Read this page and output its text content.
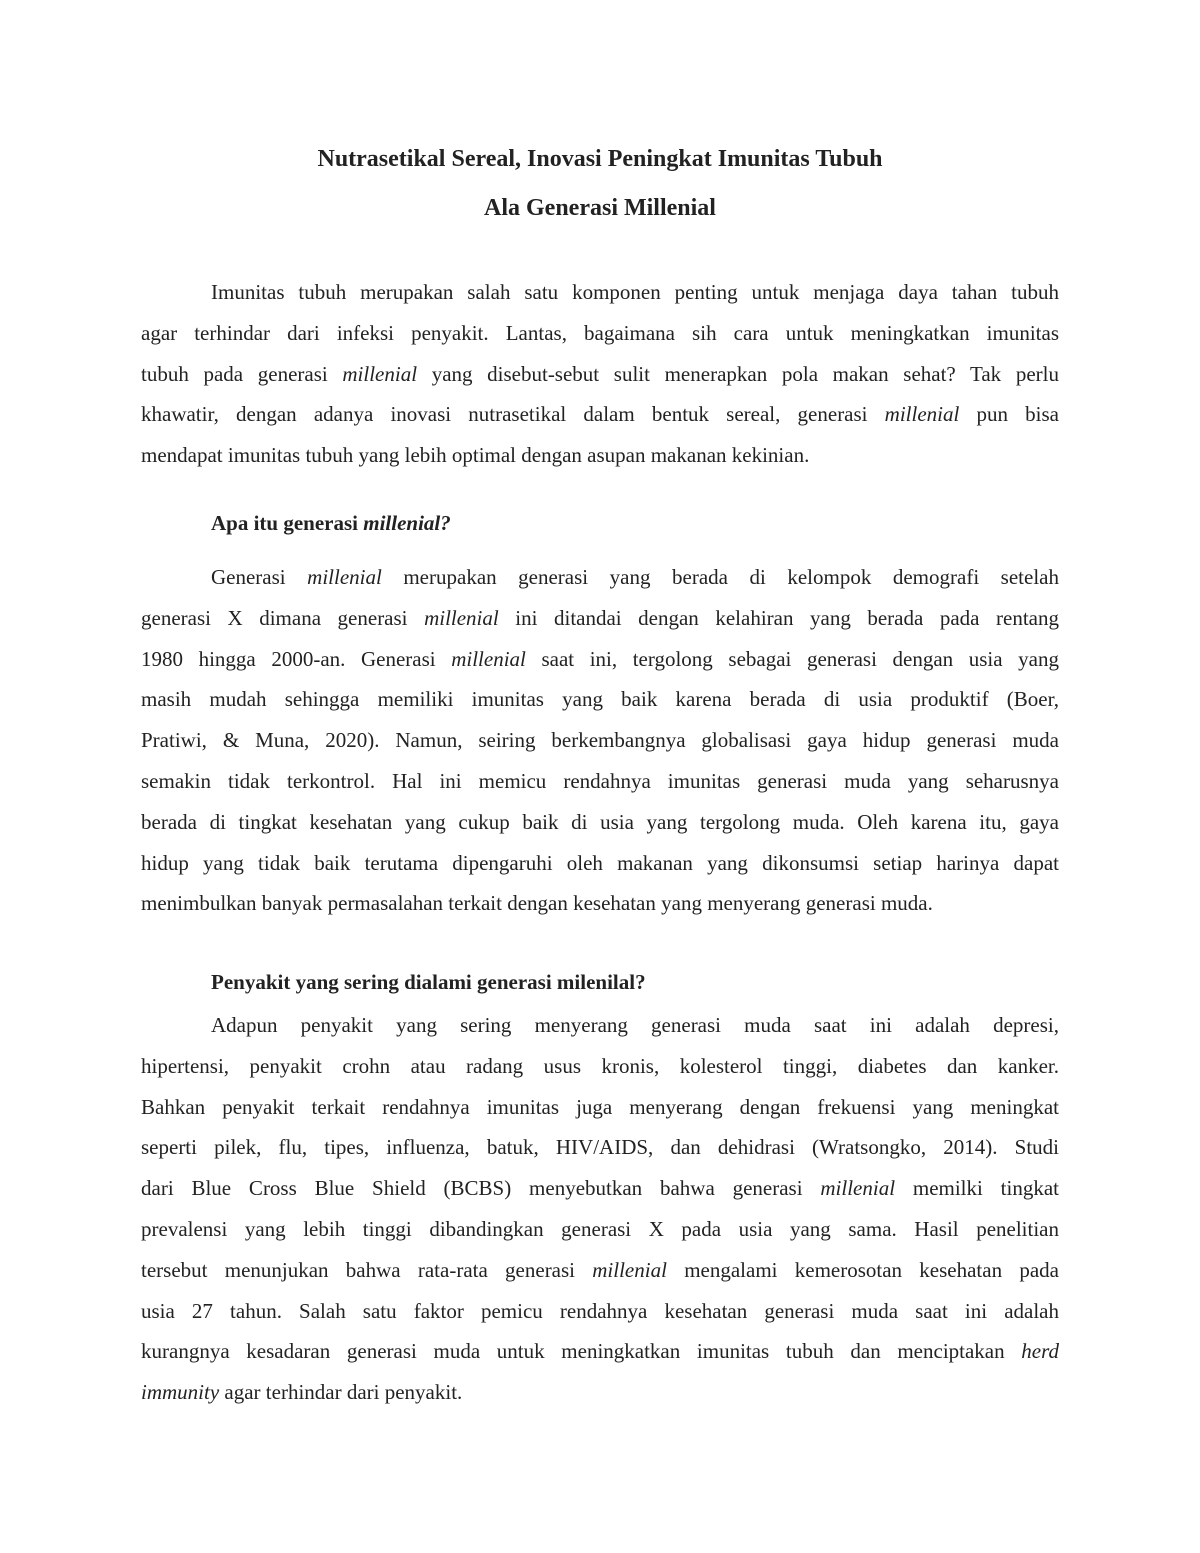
Nutrasetikal Sereal, Inovasi Peningkat Imunitas Tubuh
Ala Generasi Millenial
Imunitas tubuh merupakan salah satu komponen penting untuk menjaga daya tahan tubuh
agar terhindar dari infeksi penyakit. Lantas, bagaimana sih cara untuk meningkatkan imunitas
tubuh pada generasi millenial yang disebut-sebut sulit menerapkan pola makan sehat? Tak perlu
khawatir, dengan adanya inovasi nutrasetikal dalam bentuk sereal, generasi millenial pun bisa
mendapat imunitas tubuh yang lebih optimal dengan asupan makanan kekinian.
Apa itu generasi millenial?
Generasi millenial merupakan generasi yang berada di kelompok demografi setelah
generasi X dimana generasi millenial ini ditandai dengan kelahiran yang berada pada rentang
1980 hingga 2000-an. Generasi millenial saat ini, tergolong sebagai generasi dengan usia yang
masih mudah sehingga memiliki imunitas yang baik karena berada di usia produktif (Boer,
Pratiwi, & Muna, 2020). Namun, seiring berkembangnya globalisasi gaya hidup generasi muda
semakin tidak terkontrol. Hal ini memicu rendahnya imunitas generasi muda yang seharusnya
berada di tingkat kesehatan yang cukup baik di usia yang tergolong muda. Oleh karena itu, gaya
hidup yang tidak baik terutama dipengaruhi oleh makanan yang dikonsumsi setiap harinya dapat
menimbulkan banyak permasalahan terkait dengan kesehatan yang menyerang generasi muda.
Penyakit yang sering dialami generasi milenilal?
Adapun penyakit yang sering menyerang generasi muda saat ini adalah depresi,
hipertensi, penyakit crohn atau radang usus kronis, kolesterol tinggi, diabetes dan kanker.
Bahkan penyakit terkait rendahnya imunitas juga menyerang dengan frekuensi yang meningkat
seperti pilek, flu, tipes, influenza, batuk, HIV/AIDS, dan dehidrasi (Wratsongko, 2014). Studi
dari Blue Cross Blue Shield (BCBS) menyebutkan bahwa generasi millenial memilki tingkat
prevalensi yang lebih tinggi dibandingkan generasi X pada usia yang sama. Hasil penelitian
tersebut menunjukan bahwa rata-rata generasi millenial mengalami kemerosotan kesehatan pada
usia 27 tahun. Salah satu faktor pemicu rendahnya kesehatan generasi muda saat ini adalah
kurangnya kesadaran generasi muda untuk meningkatkan imunitas tubuh dan menciptakan herd
immunity agar terhindar dari penyakit.
